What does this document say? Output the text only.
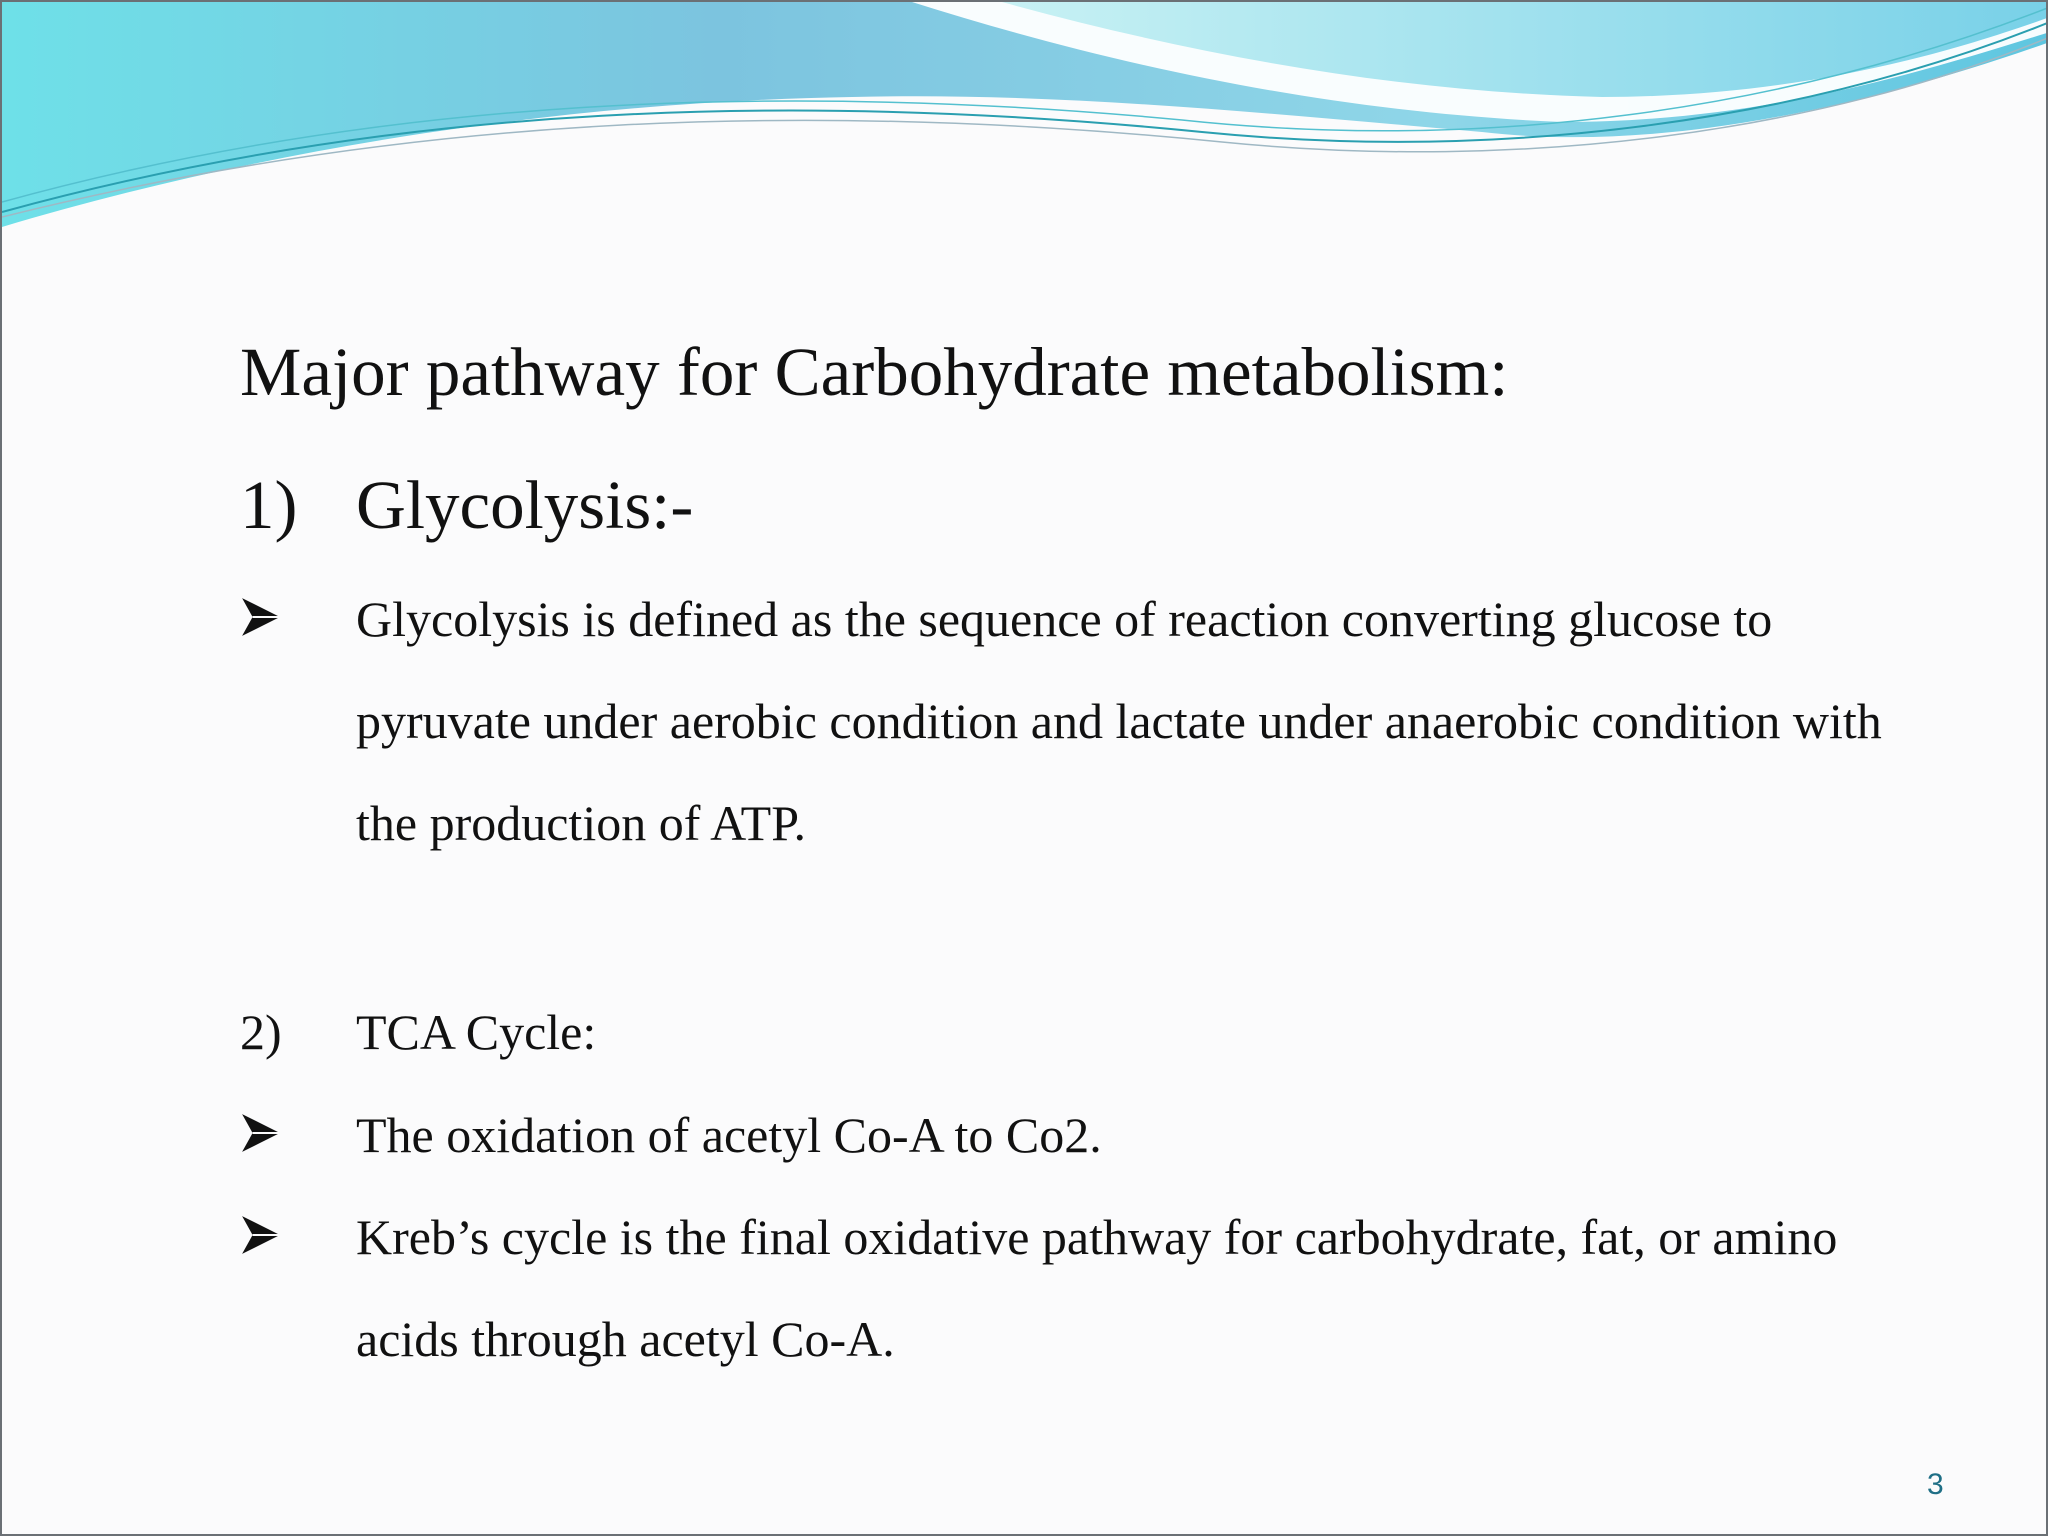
Major pathway for Carbohydrate metabolism:
1) Glycolysis:-
Glycolysis is defined as the sequence of reaction converting glucose to pyruvate under aerobic condition and lactate under anaerobic condition with the production of ATP.
2) TCA Cycle:
The oxidation of acetyl Co-A to Co2.
Kreb’s cycle is the final oxidative pathway for carbohydrate, fat, or amino acids through acetyl Co-A.
3
